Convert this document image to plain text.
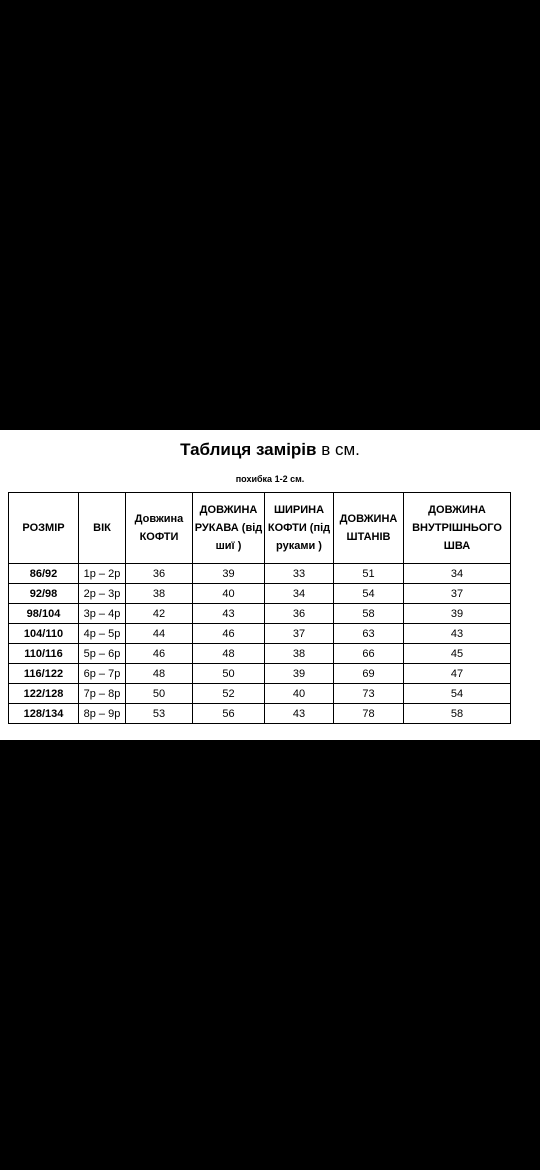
Таблиця замірів в см.
похибка 1-2 см.
РОЗМІР	ВІК	Довжина КОФТИ	ДОВЖИНА РУКАВА (від шиї )	ШИРИНА КОФТИ (під руками )	ДОВЖИНА ШТАНІВ	ДОВЖИНА ВНУТРІШНЬОГО ШВА
86/92	1р – 2р	36	39	33	51	34
92/98	2р – 3р	38	40	34	54	37
98/104	3р – 4р	42	43	36	58	39
104/110	4р – 5р	44	46	37	63	43
110/116	5р – 6р	46	48	38	66	45
116/122	6р – 7р	48	50	39	69	47
122/128	7р – 8р	50	52	40	73	54
128/134	8р – 9р	53	56	43	78	58
